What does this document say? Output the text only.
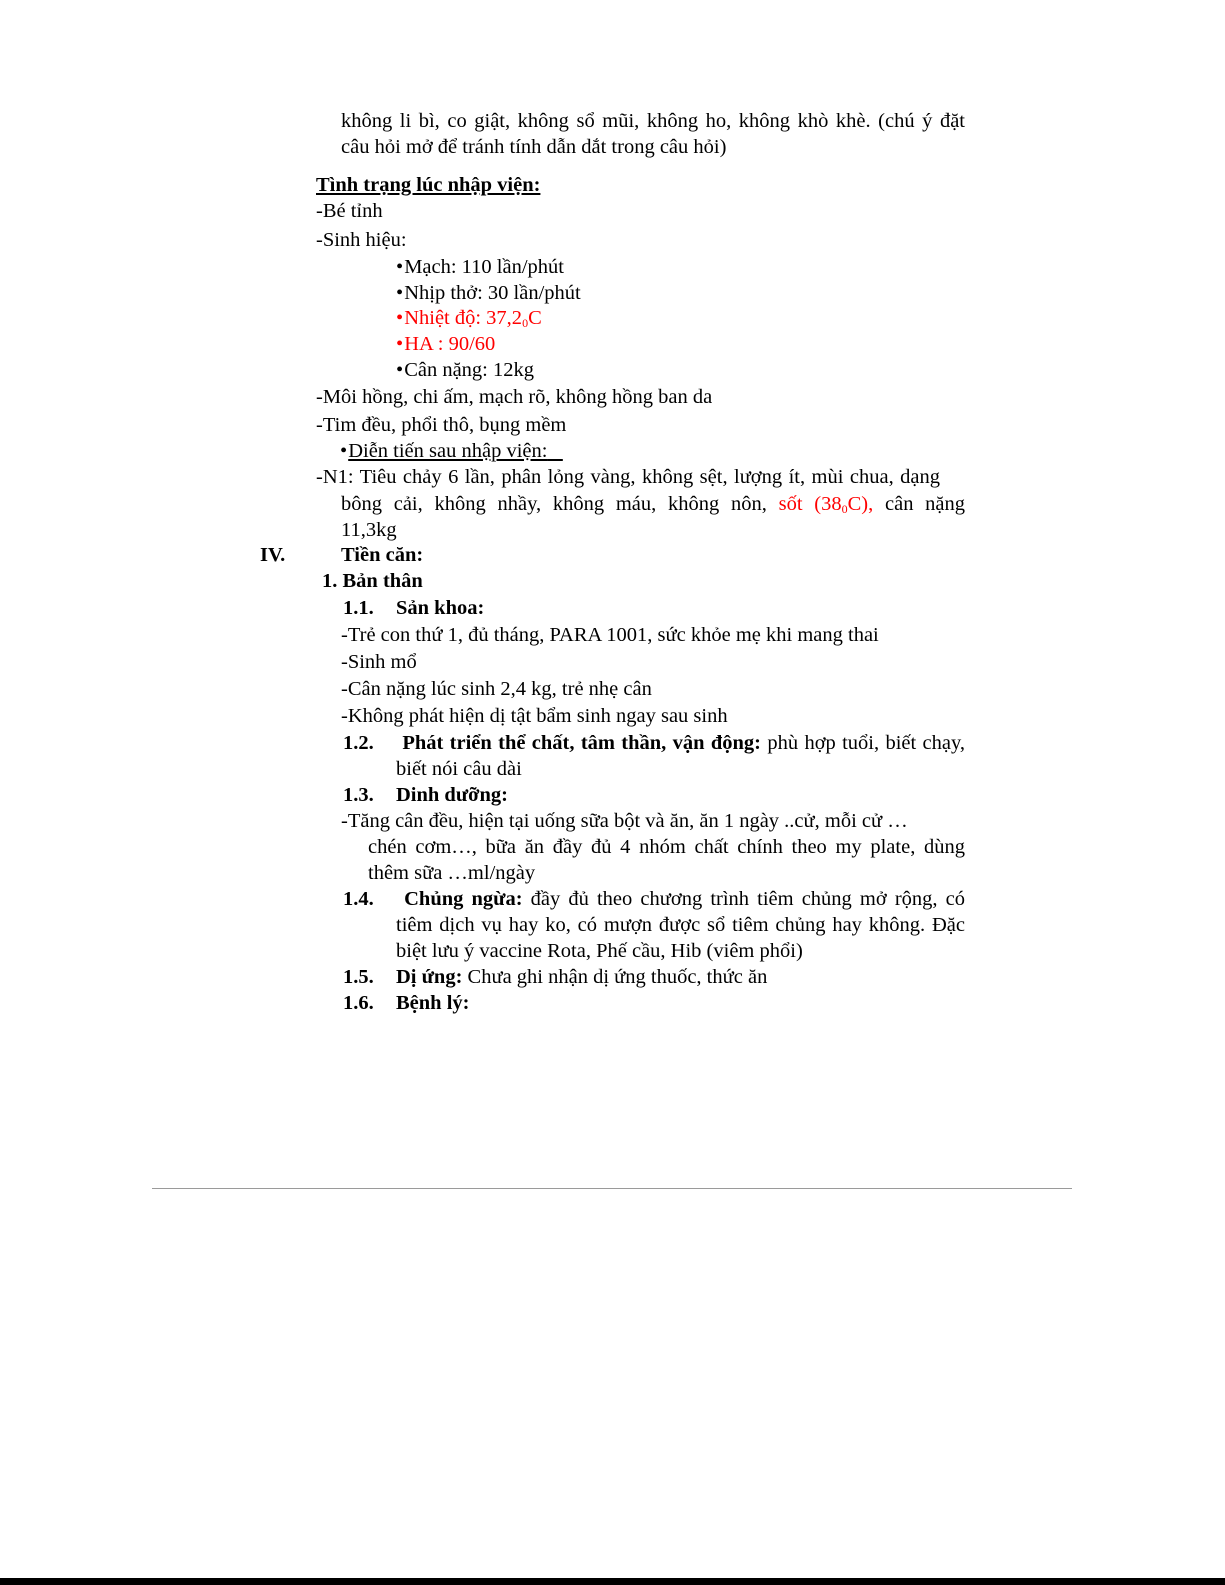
không li bì, co giật, không sổ mũi, không ho, không khò khè. (chú ý đặt
câu hỏi mở để tránh tính dẫn dắt trong câu hỏi)
Tình trạng lúc nhập viện:
-Bé tỉnh
-Sinh hiệu:
•Mạch: 110 lần/phút
•Nhịp thở: 30 lần/phút
•Nhiệt độ: 37,20C
•HA : 90/60
•Cân nặng: 12kg
-Môi hồng, chi ấm, mạch rõ, không hồng ban da
-Tim đều, phổi thô, bụng mềm
•Diễn tiến sau nhập viện:
-N1: Tiêu chảy 6 lần, phân lỏng vàng, không sệt, lượng ít, mùi chua, dạng
bông cải, không nhầy, không máu, không nôn, sốt (380C), cân nặng
11,3kg
IV.	Tiền căn:
1. Bản thân
1.1. Sản khoa:
-Trẻ con thứ 1, đủ tháng, PARA 1001, sức khỏe mẹ khi mang thai
-Sinh mổ
-Cân nặng lúc sinh 2,4 kg, trẻ nhẹ cân
-Không phát hiện dị tật bẩm sinh ngay sau sinh
1.2. Phát triển thể chất, tâm thần, vận động: phù hợp tuổi, biết chạy,
biết nói câu dài
1.3. Dinh dưỡng:
-Tăng cân đều, hiện tại uống sữa bột và ăn, ăn 1 ngày ..cử, mỗi cử …
chén cơm…, bữa ăn đầy đủ 4 nhóm chất chính theo my plate, dùng
thêm sữa …ml/ngày
1.4. Chủng ngừa: đầy đủ theo chương trình tiêm chủng mở rộng, có
tiêm dịch vụ hay ko, có mượn được sổ tiêm chủng hay không. Đặc
biệt lưu ý vaccine Rota, Phế cầu, Hib (viêm phổi)
1.5. Dị ứng: Chưa ghi nhận dị ứng thuốc, thức ăn
1.6. Bệnh lý:
